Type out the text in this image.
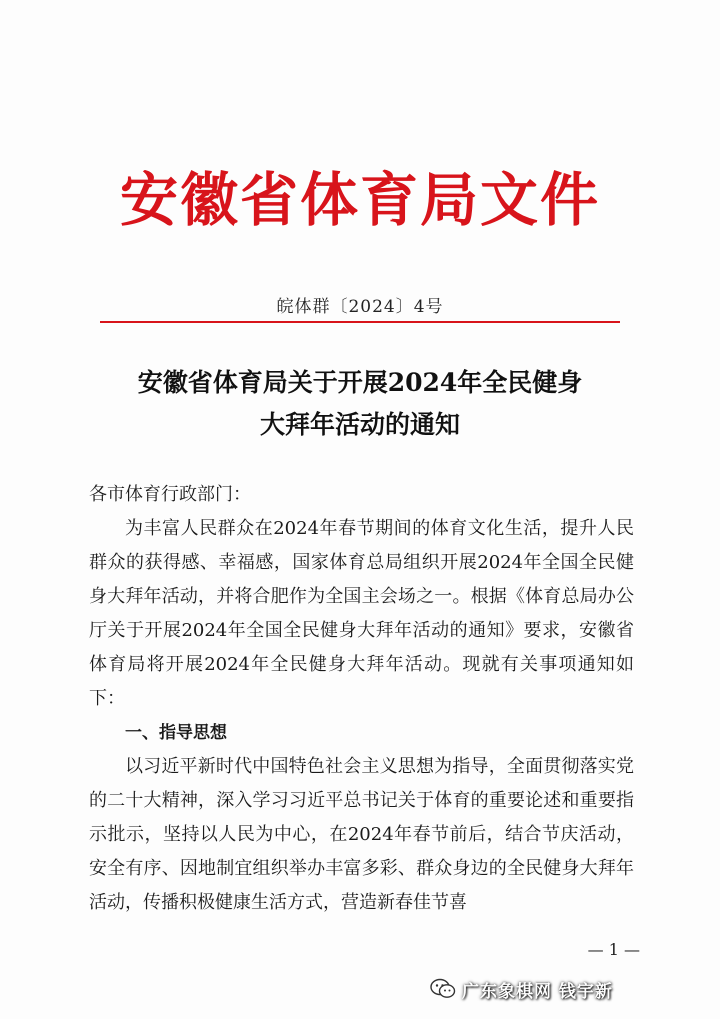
安徽省体育局文件
皖体群〔2024〕4号
安徽省体育局关于开展2024年全民健身
大拜年活动的通知

各市体育行政部门：

为丰富人民群众在2024年春节期间的体育文化生活，提升人民群众的获得感、幸福感，国家体育总局组织开展2024年全国全民健身大拜年活动，并将合肥作为全国主会场之一。根据《体育总局办公厅关于开展2024年全国全民健身大拜年活动的通知》要求，安徽省体育局将开展2024年全民健身大拜年活动。现就有关事项通知如下：

一、指导思想

以习近平新时代中国特色社会主义思想为指导，全面贯彻落实党的二十大精神，深入学习习近平总书记关于体育的重要论述和重要指示批示，坚持以人民为中心，在2024年春节前后，结合节庆活动，安全有序、因地制宜组织举办丰富多彩、群众身边的全民健身大拜年活动，传播积极健康生活方式，营造新春佳节喜

— 1 —
广东象棋网 钱宇新
